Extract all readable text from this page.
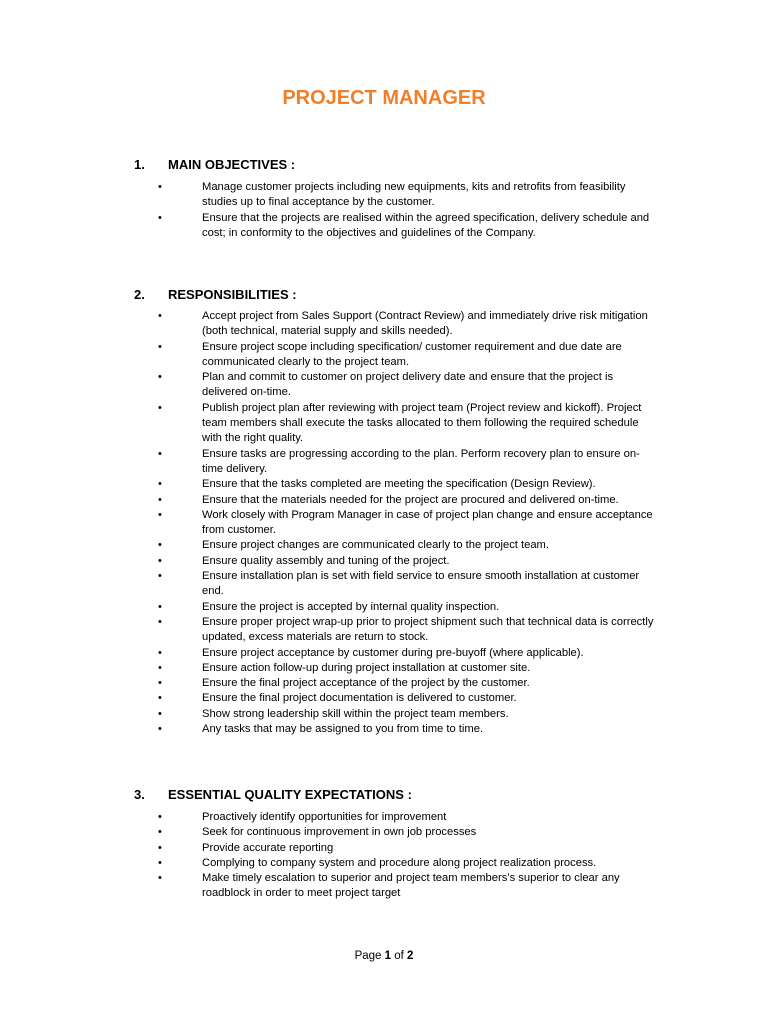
PROJECT MANAGER
1. MAIN OBJECTIVES :
•	Manage customer projects including new equipments, kits and retrofits from feasibility studies up to final acceptance by the customer.
•	Ensure that the projects are realised within the agreed specification, delivery schedule and cost; in conformity to the objectives and guidelines of the Company.
2. RESPONSIBILITIES :
•	Accept project from Sales Support (Contract Review) and immediately drive risk mitigation (both technical, material supply and skills needed).
•	Ensure project scope including specification/ customer requirement and due date are communicated clearly to the project team.
•	Plan and commit to customer on project delivery date and ensure that the project is delivered on-time.
•	Publish project plan after reviewing with project team (Project review and kickoff). Project team members shall execute the tasks allocated to them following the required schedule with the right quality.
•	Ensure tasks are progressing according to the plan. Perform recovery plan to ensure on-time delivery.
•	Ensure that the tasks completed are meeting the specification (Design Review).
•	Ensure that the materials needed for the project are procured and delivered on-time.
•	Work closely with Program Manager in case of project plan change and ensure acceptance from customer.
•	Ensure project changes are communicated clearly to the project team.
•	Ensure quality assembly and tuning of the project.
•	Ensure installation plan is set with field service to ensure smooth installation at customer end.
•	Ensure the project is accepted by internal quality inspection.
•	Ensure proper project wrap-up prior to project shipment such that technical data is correctly updated, excess materials are return to stock.
•	Ensure project acceptance by customer during pre-buyoff (where applicable).
•	Ensure action follow-up during project installation at customer site.
•	Ensure the final project acceptance of the project by the customer.
•	Ensure the final project documentation is delivered to customer.
•	Show strong leadership skill within the project team members.
•	Any tasks that may be assigned to you from time to time.
3. ESSENTIAL QUALITY EXPECTATIONS :
•	Proactively identify opportunities for improvement
•	Seek for continuous improvement in own job processes
•	Provide accurate reporting
•	Complying to company system and procedure along project realization process.
•	Make timely escalation to superior and project team members’s superior to clear any roadblock in order to meet project target
Page 1 of 2
